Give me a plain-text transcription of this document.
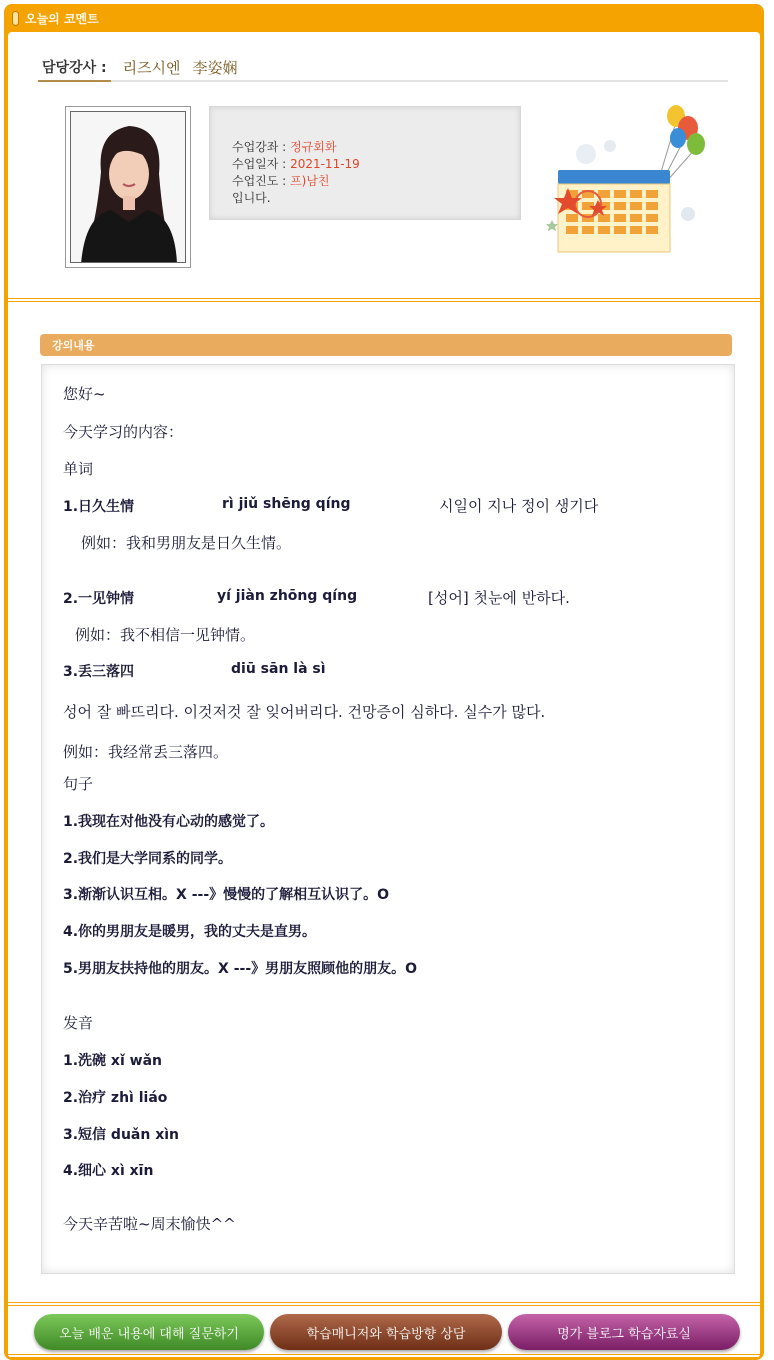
오늘의 코멘트
담당강사 : 리즈시엔 李姿娴
수업강좌 : 정규회화
수업일자 : 2021-11-19
수업진도 : 프)남친
입니다.
강의내용
您好~
今天学习的内容：
单词
1.日久生情	rì jiǔ shēng qíng	시일이 지나 정이 생기다
例如：我和男朋友是日久生情。
2.一见钟情	yí jiàn zhōng qíng	[성어] 첫눈에 반하다.
例如：我不相信一见钟情。
3.丢三落四	diū sān là sì
성어 잘 빠뜨리다. 이것저것 잘 잊어버리다. 건망증이 심하다. 실수가 많다.
例如：我经常丢三落四。
句子
1.我现在对他没有心动的感觉了。
2.我们是大学同系的同学。
3.渐渐认识互相。X ---》慢慢的了解相互认识了。O
4.你的男朋友是暖男，我的丈夫是直男。
5.男朋友扶持他的朋友。X ---》男朋友照顾他的朋友。O
发音
1.洗碗 xǐ wǎn
2.治疗 zhì liáo
3.短信 duǎn xìn
4.细心 xì xīn
今天辛苦啦~周末愉快^^
오늘 배운 내용에 대해 질문하기	학습매니저와 학습방향 상담	명가 블로그 학습자료실
